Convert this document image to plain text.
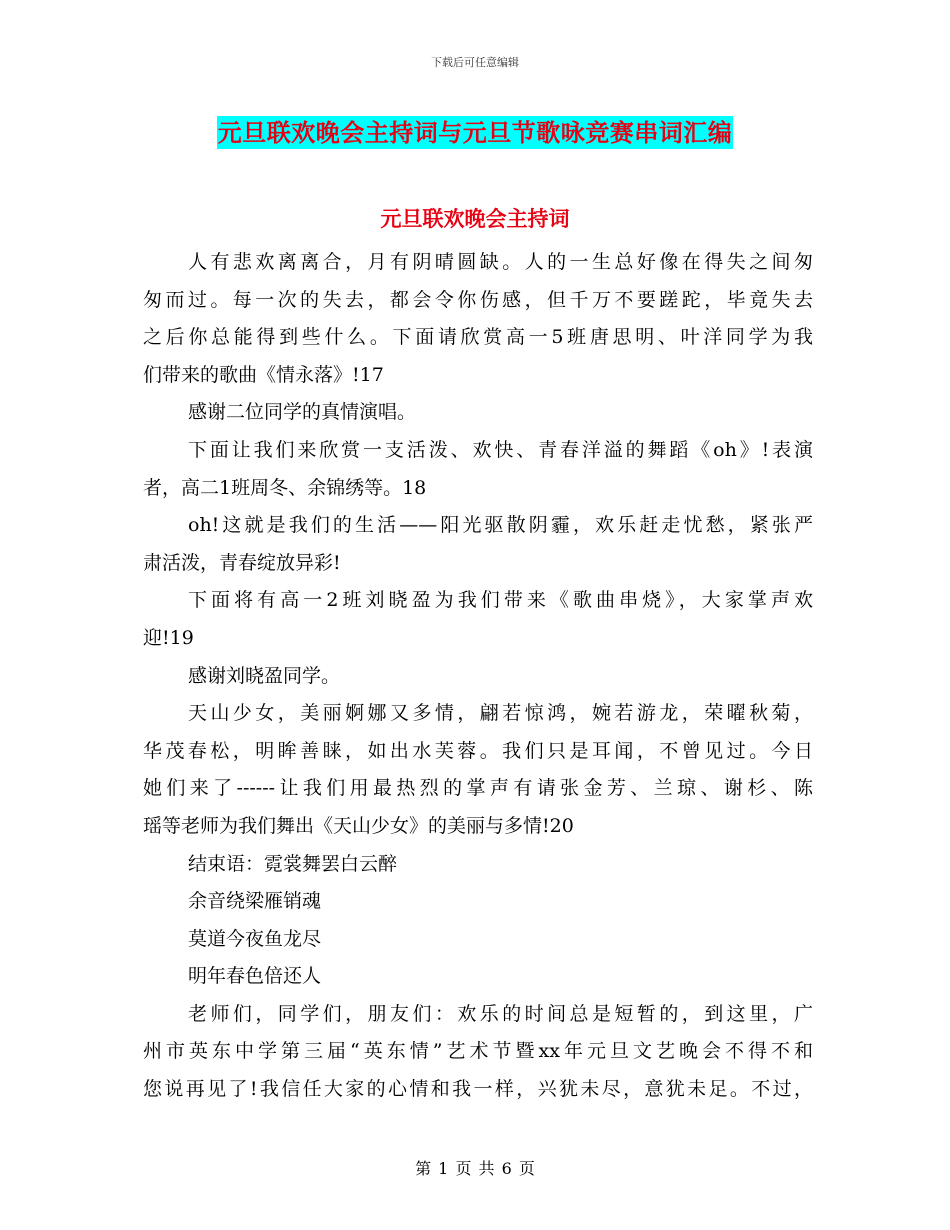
下载后可任意编辑
元旦联欢晚会主持词与元旦节歌咏竞赛串词汇编
元旦联欢晚会主持词
人有悲欢离离合，月有阴晴圆缺。人的一生总好像在得失之间匆
匆而过。每一次的失去，都会令你伤感，但千万不要蹉跎，毕竟失去
之后你总能得到些什么。下面请欣赏高一5班唐思明、叶洋同学为我
们带来的歌曲《情永落》!17
感谢二位同学的真情演唱。
下面让我们来欣赏一支活泼、欢快、青春洋溢的舞蹈《oh》!表演
者，高二1班周冬、余锦绣等。18
oh!这就是我们的生活——阳光驱散阴霾，欢乐赶走忧愁，紧张严
肃活泼，青春绽放异彩!
下面将有高一2班刘晓盈为我们带来《歌曲串烧》，大家掌声欢
迎!19
感谢刘晓盈同学。
天山少女，美丽婀娜又多情，翩若惊鸿，婉若游龙，荣曜秋菊，
华茂春松，明眸善睐，如出水芙蓉。我们只是耳闻，不曾见过。今日
她们来了------让我们用最热烈的掌声有请张金芳、兰琼、谢杉、陈
瑶等老师为我们舞出《天山少女》的美丽与多情!20
结束语：霓裳舞罢白云醉
余音绕梁雁销魂
莫道今夜鱼龙尽
明年春色倍还人
老师们，同学们，朋友们：欢乐的时间总是短暂的，到这里，广
州市英东中学第三届“英东情”艺术节暨xx年元旦文艺晚会不得不和
您说再见了!我信任大家的心情和我一样，兴犹未尽，意犹未足。不过，
第 1 页 共 6 页
